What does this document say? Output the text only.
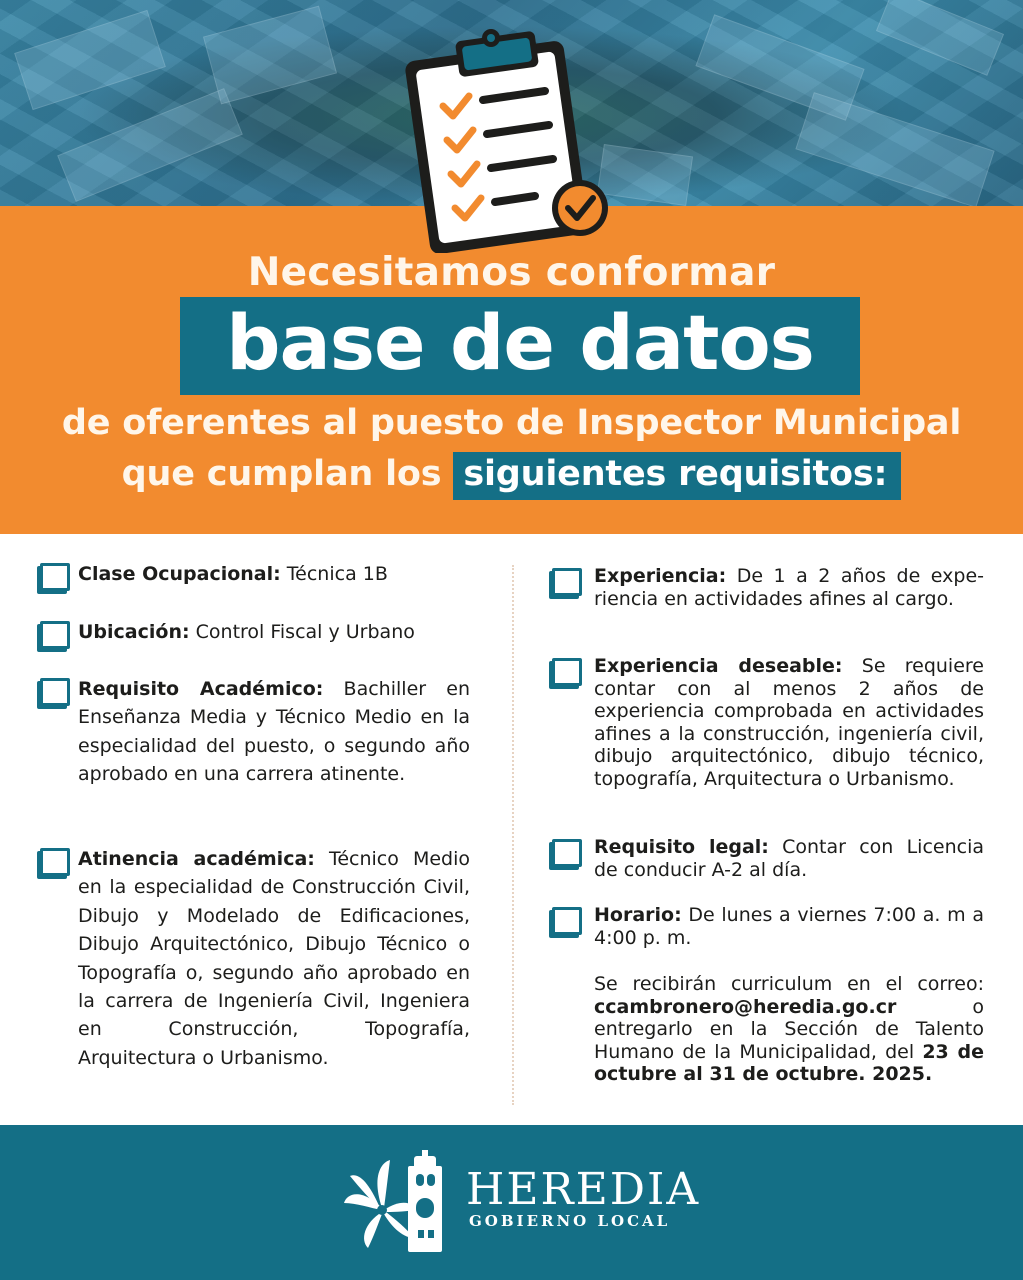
Necesitamos conformar
base de datos
de oferentes al puesto de Inspector Municipal
que cumplan los siguientes requisitos:
Clase Ocupacional: Técnica 1B
Ubicación: Control Fiscal y Urbano
Requisito Académico: Bachiller en Enseñanza Media y Técnico Medio en la especialidad del puesto, o segundo año aprobado en una carrera atinente.
Atinencia académica: Técnico Medio en la especialidad de Construcción Civil, Dibujo y Modelado de Edificaciones, Dibujo Arquitectónico, Dibujo Técnico o Topografía o, segundo año aprobado en la carrera de Ingeniería Civil, Ingeniera en Construcción, Topografía, Arquitectura o Urbanismo.
Experiencia: De 1 a 2 años de experiencia en actividades afines al cargo.
Experiencia deseable: Se requiere contar con al menos 2 años de experiencia comprobada en actividades afines a la construcción, ingeniería civil, dibujo arquitectónico, dibujo técnico, topografía, Arquitectura o Urbanismo.
Requisito legal: Contar con Licencia de conducir A-2 al día.
Horario: De lunes a viernes 7:00 a. m a 4:00 p. m.
Se recibirán curriculum en el correo: ccambronero@heredia.go.cr o entregarlo en la Sección de Talento Humano de la Municipalidad, del 23 de octubre al 31 de octubre. 2025.
HEREDIA
GOBIERNO LOCAL
